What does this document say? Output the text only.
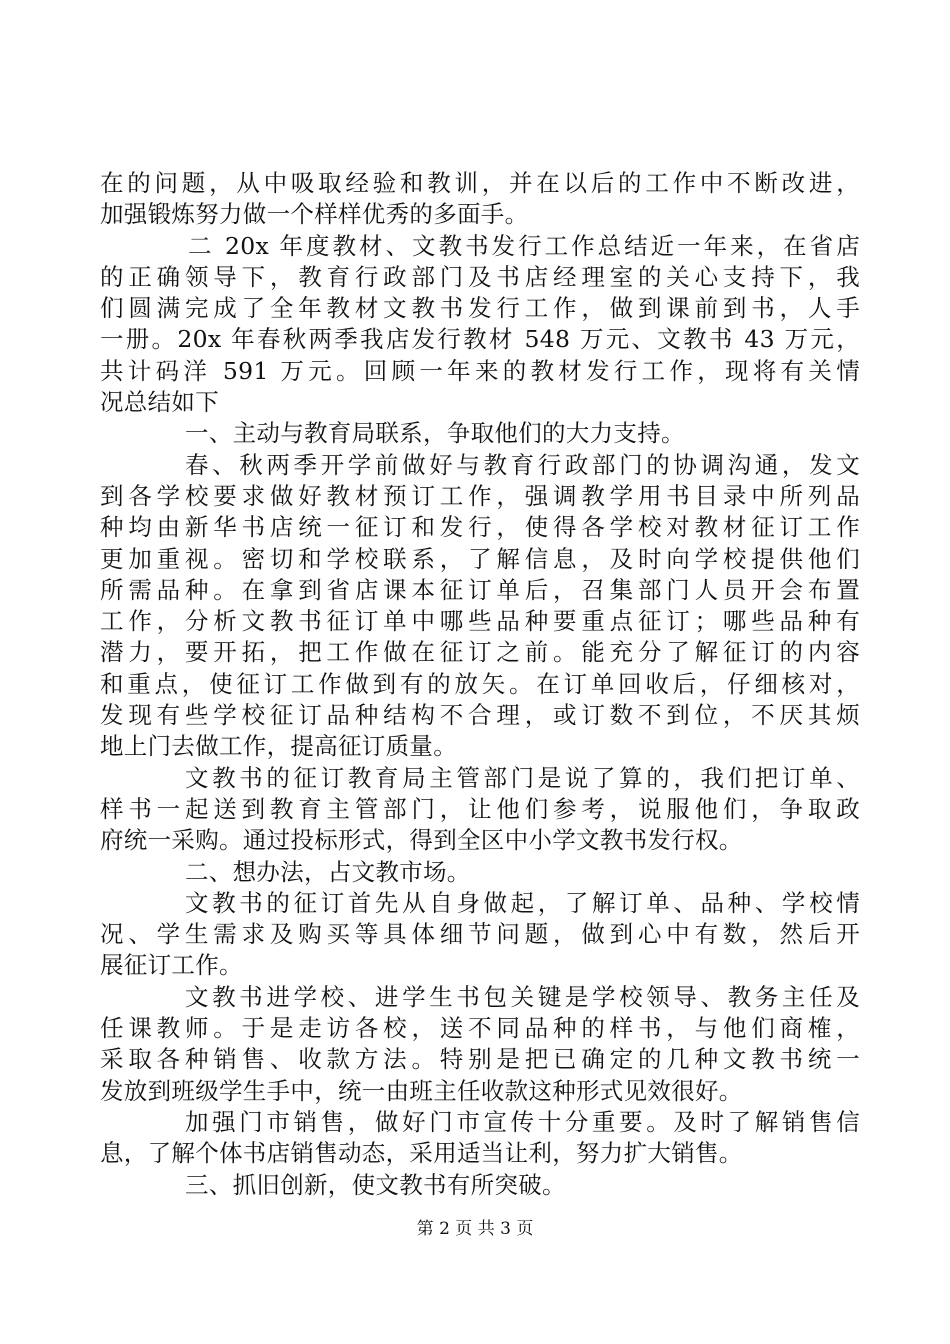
在的问题，从中吸取经验和教训，并在以后的工作中不断改进，
加强锻炼努力做一个样样优秀的多面手。
二 20x 年度教材、文教书发行工作总结近一年来，在省店
的正确领导下，教育行政部门及书店经理室的关心支持下，我
们圆满完成了全年教材文教书发行工作，做到课前到书，人手
一册。20x 年春秋两季我店发行教材 548 万元、文教书 43 万元，
共计码洋 591 万元。回顾一年来的教材发行工作，现将有关情
况总结如下
一、主动与教育局联系，争取他们的大力支持。
春、秋两季开学前做好与教育行政部门的协调沟通，发文
到各学校要求做好教材预订工作，强调教学用书目录中所列品
种均由新华书店统一征订和发行，使得各学校对教材征订工作
更加重视。密切和学校联系，了解信息，及时向学校提供他们
所需品种。在拿到省店课本征订单后，召集部门人员开会布置
工作，分析文教书征订单中哪些品种要重点征订；哪些品种有
潜力，要开拓，把工作做在征订之前。能充分了解征订的内容
和重点，使征订工作做到有的放矢。在订单回收后，仔细核对，
发现有些学校征订品种结构不合理，或订数不到位，不厌其烦
地上门去做工作，提高征订质量。
文教书的征订教育局主管部门是说了算的，我们把订单、
样书一起送到教育主管部门，让他们参考，说服他们，争取政
府统一采购。通过投标形式，得到全区中小学文教书发行权。
二、想办法，占文教市场。
文教书的征订首先从自身做起，了解订单、品种、学校情
况、学生需求及购买等具体细节问题，做到心中有数，然后开
展征订工作。
文教书进学校、进学生书包关键是学校领导、教务主任及
任课教师。于是走访各校，送不同品种的样书，与他们商榷，
采取各种销售、收款方法。特别是把已确定的几种文教书统一
发放到班级学生手中，统一由班主任收款这种形式见效很好。
加强门市销售，做好门市宣传十分重要。及时了解销售信
息，了解个体书店销售动态，采用适当让利，努力扩大销售。
三、抓旧创新，使文教书有所突破。
第 2 页 共 3 页
